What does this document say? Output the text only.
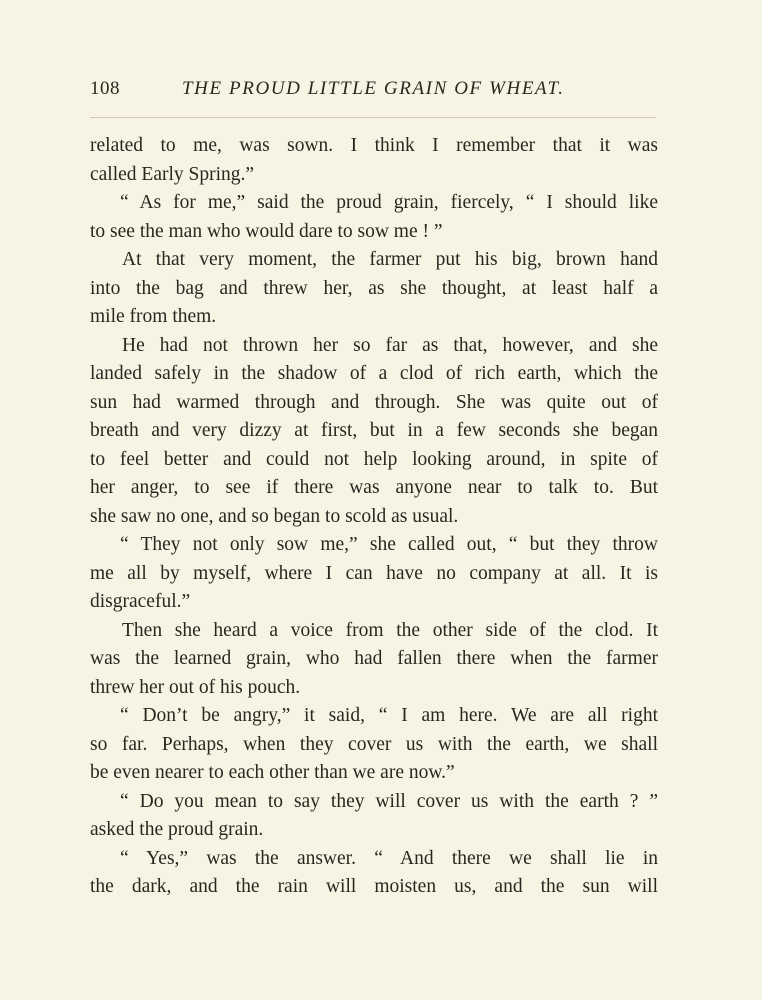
108	THE PROUD LITTLE GRAIN OF WHEAT.
related to me, was sown. I think I remember that it was
called Early Spring.”
“ As for me,” said the proud grain, fiercely, “ I should like
to see the man who would dare to sow me ! ”
At that very moment, the farmer put his big, brown hand
into the bag and threw her, as she thought, at least half a
mile from them.
He had not thrown her so far as that, however, and she
landed safely in the shadow of a clod of rich earth, which the
sun had warmed through and through. She was quite out of
breath and very dizzy at first, but in a few seconds she began
to feel better and could not help looking around, in spite of
her anger, to see if there was anyone near to talk to. But
she saw no one, and so began to scold as usual.
“ They not only sow me,” she called out, “ but they throw
me all by myself, where I can have no company at all. It is
disgraceful.”
Then she heard a voice from the other side of the clod. It
was the learned grain, who had fallen there when the farmer
threw her out of his pouch.
“ Don’t be angry,” it said, “ I am here. We are all right
so far. Perhaps, when they cover us with the earth, we shall
be even nearer to each other than we are now.”
“ Do you mean to say they will cover us with the earth ? ”
asked the proud grain.
“ Yes,” was the answer. “ And there we shall lie in
the dark, and the rain will moisten us, and the sun will
